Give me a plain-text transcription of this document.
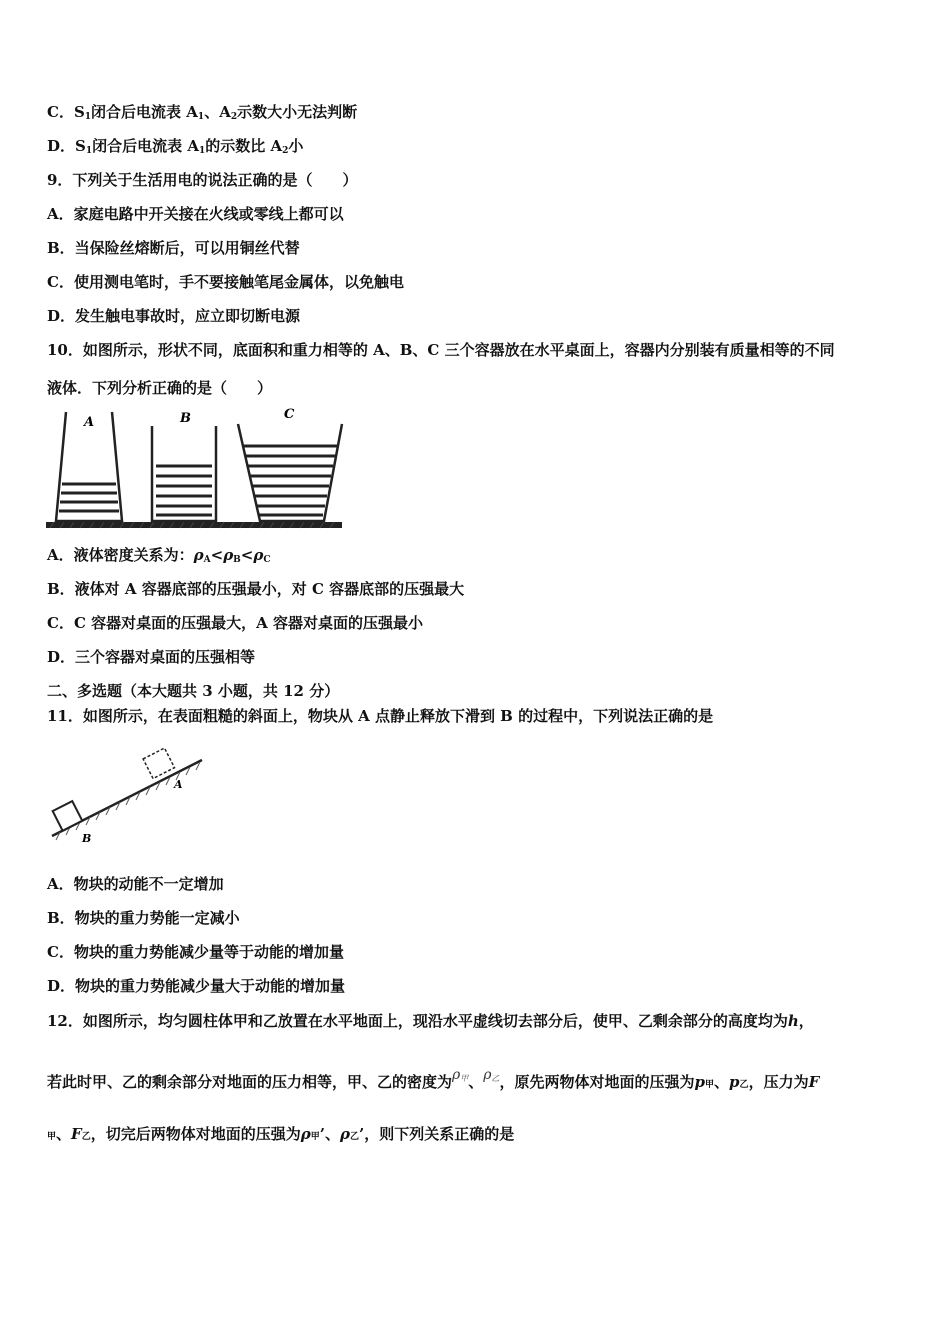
C．$S_1$闭合后电流表 $A_1$、$A_2$示数大小无法判断
D．$S_1$闭合后电流表 $A_1$的示数比 $A_2$小
9．下列关于生活用电的说法正确的是（　　）
A．家庭电路中开关接在火线或零线上都可以
B．当保险丝熔断后，可以用铜丝代替
C．使用测电笔时，手不要接触笔尾金属体，以免触电
D．发生触电事故时，应立即切断电源
10．如图所示，形状不同，底面积和重力相等的 A、B、C 三个容器放在水平桌面上，容器内分别装有质量相等的不同
液体．下列分析正确的是（　　）
A	B	C
A．液体密度关系为：$\rho_A<\rho_B<\rho_C$
B．液体对 A 容器底部的压强最小，对 C 容器底部的压强最大
C．C 容器对桌面的压强最大，A 容器对桌面的压强最小
D．三个容器对桌面的压强相等
二、多选题（本大题共 3 小题，共 12 分）
11．如图所示，在表面粗糙的斜面上，物块从 A 点静止释放下滑到 B 的过程中，下列说法正确的是
A
B
A．物块的动能不一定增加
B．物块的重力势能一定减小
C．物块的重力势能减少量等于动能的增加量
D．物块的重力势能减少量大于动能的增加量
12．如图所示，均匀圆柱体甲和乙放置在水平地面上，现沿水平虚线切去部分后，使甲、乙剩余部分的高度均为h，
若此时甲、乙的剩余部分对地面的压力相等，甲、乙的密度为$\rho_甲$、$\rho_乙$，原先两物体对地面的压强为p甲、p乙，压力为F
甲、F乙，切完后两物体对地面的压强为ρ甲’、ρ乙’，则下列关系正确的是
